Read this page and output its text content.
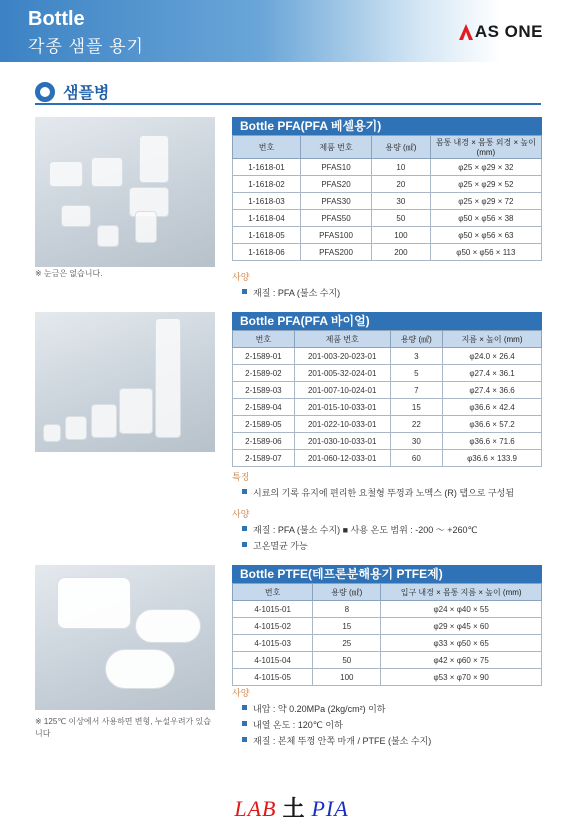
Bottle
각종 샘플 용기
AS ONE
샘플병
※ 눈금은 없습니다.
Bottle PFA(PFA 베셀용기)
번호	제품 번호	용량 (㎖)	몸통 내경 × 몸통 외경 × 높이 (mm)
1-1618-01	PFAS10	10	φ25 × φ29 × 32
1-1618-02	PFAS20	20	φ25 × φ29 × 52
1-1618-03	PFAS30	30	φ25 × φ29 × 72
1-1618-04	PFAS50	50	φ50 × φ56 × 38
1-1618-05	PFAS100	100	φ50 × φ56 × 63
1-1618-06	PFAS200	200	φ50 × φ56 × 113
사양
재질 : PFA (불소 수지)
Bottle PFA(PFA 바이얼)
번호	제품 번호	용량 (㎖)	지름 × 높이 (mm)
2-1589-01	201-003-20-023-01	3	φ24.0 × 26.4
2-1589-02	201-005-32-024-01	5	φ27.4 × 36.1
2-1589-03	201-007-10-024-01	7	φ27.4 × 36.6
2-1589-04	201-015-10-033-01	15	φ36.6 × 42.4
2-1589-05	201-022-10-033-01	22	φ36.6 × 57.2
2-1589-06	201-030-10-033-01	30	φ36.6 × 71.6
2-1589-07	201-060-12-033-01	60	φ36.6 × 133.9
특징
시료의 기록 유지에 편리한 요철형 뚜껑과 노멕스 (R) 탭으로 구성됨
사양
재질 : PFA (불소 수지) ■ 사용 온도 범위 : -200 ～ +260℃
고온멸균 가능
※ 125℃ 이상에서 사용하면 변형, 누설우려가 있습니다
Bottle PTFE(테프론분해용기 PTFE제)
번호	용량 (㎖)	입구 내경 × 몸통 지름 × 높이 (mm)
4-1015-01	8	φ24 × φ40 × 55
4-1015-02	15	φ29 × φ45 × 60
4-1015-03	25	φ33 × φ50 × 65
4-1015-04	50	φ42 × φ60 × 75
4-1015-05	100	φ53 × φ70 × 90
사양
내압 : 약 0.20MPa (2kg/cm²) 이하
내열 온도 : 120℃ 이하
재질 : 본체 뚜껑 안쪽 마개 / PTFE (불소 수지)
LAB 土 PIA
